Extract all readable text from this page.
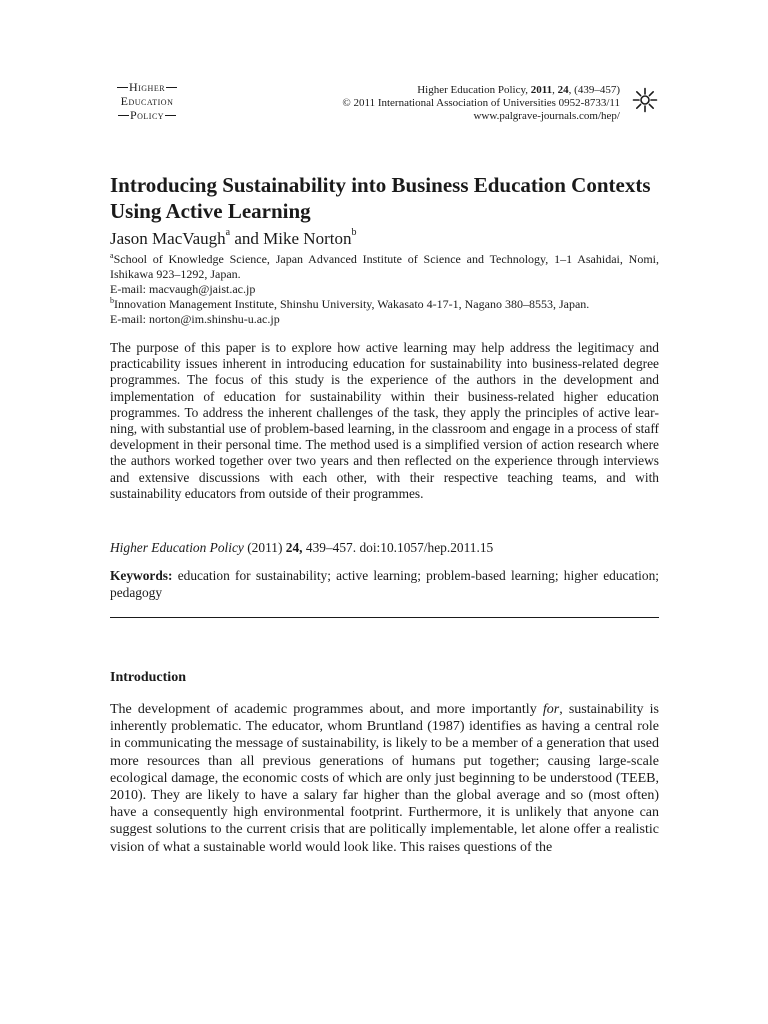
Higher
Education
Policy
Higher Education Policy, 2011, 24, (439–457)
© 2011 International Association of Universities 0952-8733/11
www.palgrave-journals.com/hep/
Introducing Sustainability into Business Education Contexts Using Active Learning
Jason MacVaugh$^a$ and Mike Norton$^b$

$^a$School of Knowledge Science, Japan Advanced Institute of Science and Technology, 1–1 Asahidai, Nomi, Ishikawa 923–1292, Japan.

E-mail: macvaugh@jaist.ac.jp

$^b$Innovation Management Institute, Shinshu University, Wakasato 4-17-1, Nagano 380–8553, Japan.

E-mail: norton@im.shinshu-u.ac.jp

The purpose of this paper is to explore how active learning may help address the legitimacy and practicability issues inherent in introducing education for sustainability into business-related degree programmes. The focus of this study is the experience of the authors in the development and implementation of education for sustainability within their business-related higher education programmes. To address the inherent challenges of the task, they apply the principles of active learning, with substantial use of problem-based learning, in the classroom and engage in a process of staff development in their personal time. The method used is a simplified version of action research where the authors worked together over two years and then reflected on the experience through interviews and extensive discussions with each other, with their respective teaching teams, and with sustainability educators from outside of their programmes.

Higher Education Policy (2011) 24, 439–457. doi:10.1057/hep.2011.15

Keywords: education for sustainability; active learning; problem-based learning; higher education; pedagogy

Introduction

The development of academic programmes about, and more importantly for, sustainability is inherently problematic. The educator, whom Bruntland (1987) identifies as having a central role in communicating the message of sustainability, is likely to be a member of a generation that used more resources than all previous generations of humans put together; causing large-scale ecological damage, the economic costs of which are only just beginning to be understood (TEEB, 2010). They are likely to have a salary far higher than the global average and so (most often) have a consequently high environmental footprint. Furthermore, it is unlikely that anyone can suggest solutions to the current crisis that are politically implementable, let alone offer a realistic vision of what a sustainable world would look like. This raises questions of the
